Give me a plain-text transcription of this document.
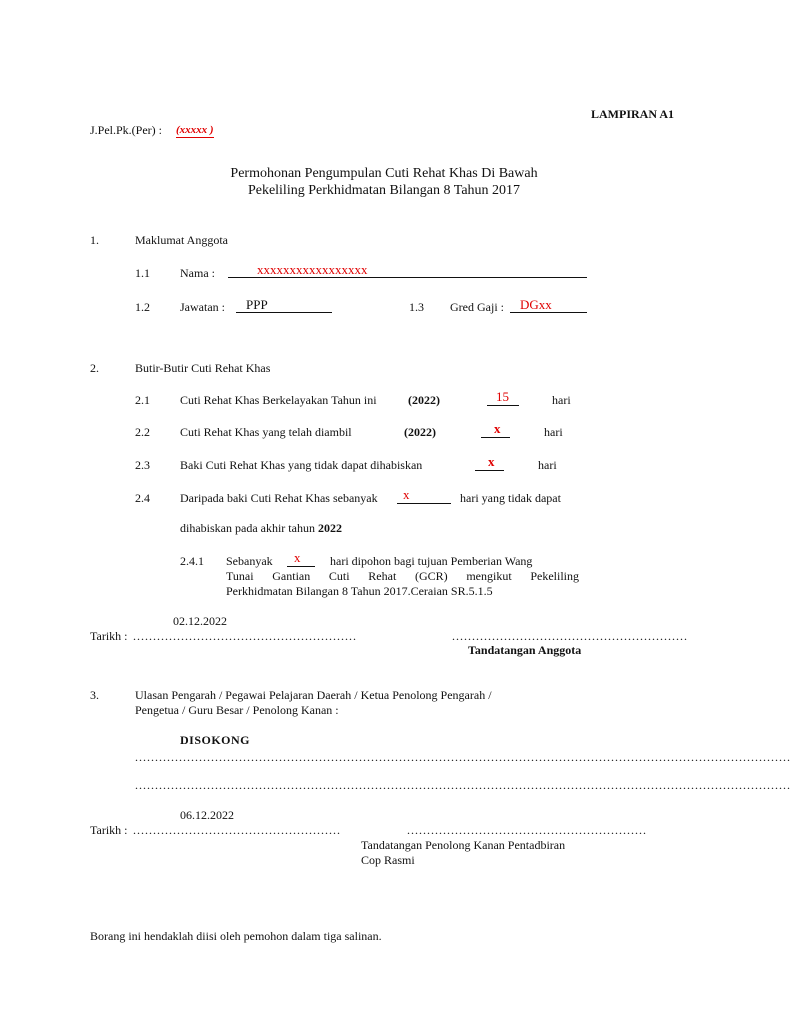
LAMPIRAN A1
J.Pel.Pk.(Per) : (xxxxx )
Permohonan Pengumpulan Cuti Rehat Khas Di Bawah
Pekeliling Perkhidmatan Bilangan 8 Tahun 2017
1.	Maklumat Anggota
1.1	Nama :	xxxxxxxxxxxxxxxxx
1.2	Jawatan : PPP	1.3 Gred Gaji : DGxx
2.	Butir-Butir Cuti Rehat Khas
2.1	Cuti Rehat Khas Berkelayakan Tahun ini	(2022)	15	hari
2.2	Cuti Rehat Khas yang telah diambil	(2022)	x	hari
2.3	Baki Cuti Rehat Khas yang tidak dapat dihabiskan	x	hari
2.4	Daripada baki Cuti Rehat Khas sebanyak x	hari yang tidak dapat
dihabiskan pada akhir tahun 2022
2.4.1 Sebanyak x hari dipohon bagi tujuan Pemberian Wang
Tunai Gantian Cuti Rehat (GCR) mengikut Pekeliling
Perkhidmatan Bilangan 8 Tahun 2017.Ceraian SR.5.1.5
02.12.2022
Tarikh : ........................................................	...........................................................
Tandatangan Anggota
3.	Ulasan Pengarah / Pegawai Pelajaran Daerah / Ketua Penolong Pengarah /
Pengetua / Guru Besar / Penolong Kanan :
DISOKONG
....................................................................................................................................................................
....................................................................................................................................................................
06.12.2022
Tarikh : ....................................................	............................................................
Tandatangan Penolong Kanan Pentadbiran
Cop Rasmi
Borang ini hendaklah diisi oleh pemohon dalam tiga salinan.
